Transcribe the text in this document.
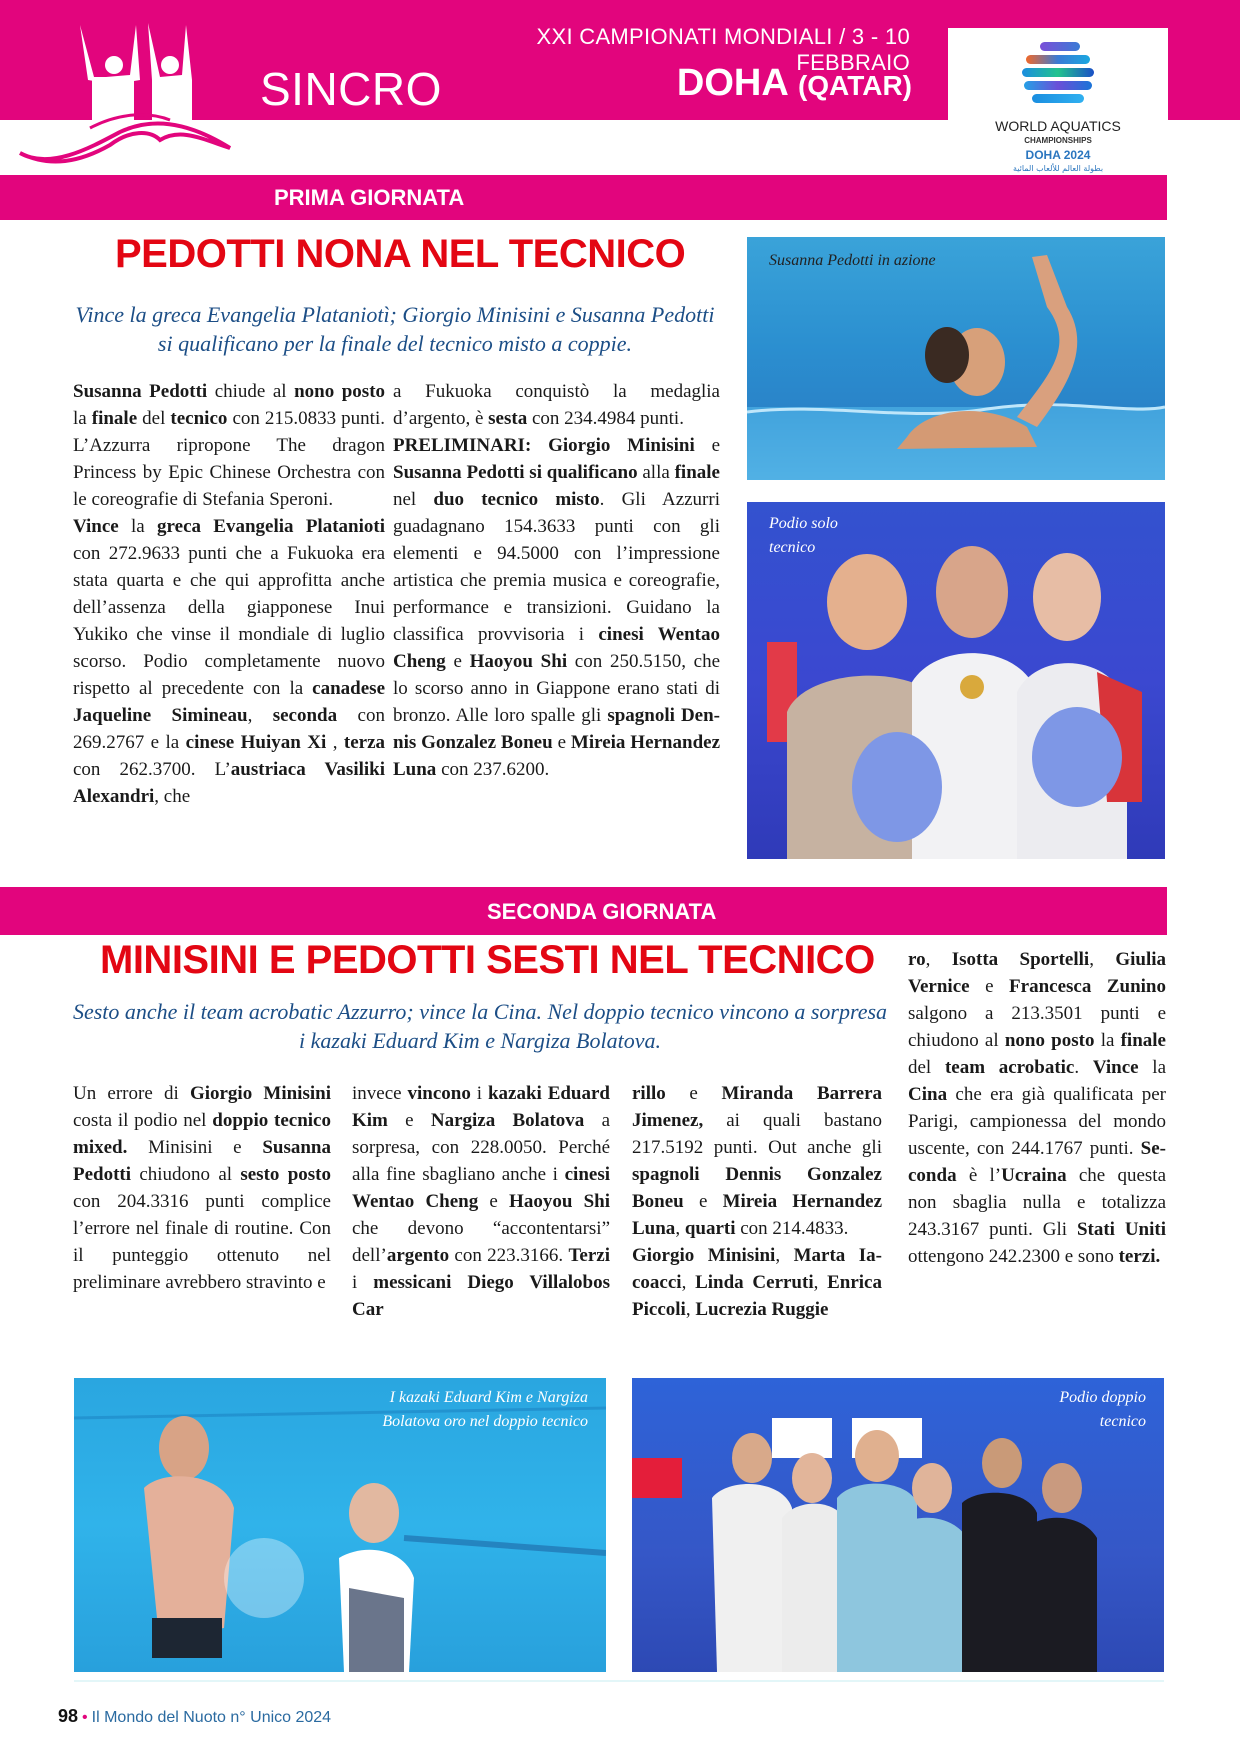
XXI CAMPIONATI MONDIALI / 3 - 10 FEBBRAIO
SINCRO	DOHA (QATAR)
WORLD AQUATICS
CHAMPIONSHIPS
DOHA 2024
بطولة العالم للألعاب المائية
PRIMA GIORNATA
PEDOTTI NONA NEL TECNICO
Vince la greca Evangelia Plataniotì; Giorgio Minisini e Susanna Pedotti si qualificano per la finale del tecnico misto a coppie.

Susanna Pedotti chiude al nono posto la finale del tecnico con 215.0833 punti. L’Azzurra ripropone The dragon Princess by Epic Chinese Orchestra con le coreografie di Stefania Speroni.

Vince la greca Evangelia Platanioti con 272.9633 punti che a Fukuoka era stata quarta e che qui approfitta anche dell’assenza della giapponese Inui Yukiko che vinse il mondiale di luglio scorso. Podio completamente nuovo rispetto al precedente con la canadese Jaqueline Simineau, seconda con 269.2767 e la cinese Huiyan Xi , terza con 262.3700. L’austriaca Vasiliki Alexandri, che

a Fukuoka conquistò la medaglia d’argento, è sesta con 234.4984 punti.

PRELIMINARI: Giorgio Minisini e Susanna Pedotti si qualificano alla finale nel duo tecnico misto. Gli Azzurri guadagnano 154.3633 punti con gli elementi e 94.5000 con l’impressione artistica che premia musica e coreografie, performance e transizioni. Guidano la classifica provvisoria i cinesi Wentao Cheng e Haoyou Shi con 250.5150, che lo scorso anno in Giappone erano stati di bronzo. Alle loro spalle gli spagnoli Dennis Gonzalez Boneu e Mireia Hernandez Luna con 237.6200.

Susanna Pedotti in azione
Podio solo tecnico
SECONDA GIORNATA
MINISINI E PEDOTTI SESTI NEL TECNICO
Sesto anche il team acrobatic Azzurro; vince la Cina. Nel doppio tecnico vincono a sorpresa i kazaki Eduard Kim e Nargiza Bolatova.

Un errore di Giorgio Minisini costa il podio nel doppio tecnico mixed. Minisini e Susanna Pedotti chiudono al sesto posto con 204.3316 punti complice l’errore nel finale di routine. Con il punteggio ottenuto nel preliminare avrebbero stravinto e

invece vincono i kazaki Eduard Kim e Nargiza Bolatova a sorpresa, con 228.0050. Perché alla fine sbagliano anche i cinesi Wentao Cheng e Haoyou Shi che devono “accontentarsi” dell’argento con 223.3166. Terzi i messicani Diego Villalobos Car

rillo e Miranda Barrera Jimenez, ai quali bastano 217.5192 punti. Out anche gli spagnoli Dennis Gonzalez Boneu e Mireia Hernandez Luna, quarti con 214.4833.

Giorgio Minisini, Marta Iacoacci, Linda Cerruti, Enrica Piccoli, Lucrezia Ruggie

ro, Isotta Sportelli, Giulia Vernice e Francesca Zunino salgono a 213.3501 punti e chiudono al nono posto la finale del team acrobatic. Vince la Cina che era già qualificata per Parigi, campionessa del mondo uscente, con 244.1767 punti. Seconda è l’Ucraina che questa non sbaglia nulla e totalizza 243.3167 punti. Gli Stati Uniti ottengono 242.2300 e sono terzi.

I kazaki Eduard Kim e Nargiza Bolatova oro nel doppio tecnico
Podio doppio tecnico
98 • Il Mondo del Nuoto n° Unico 2024
